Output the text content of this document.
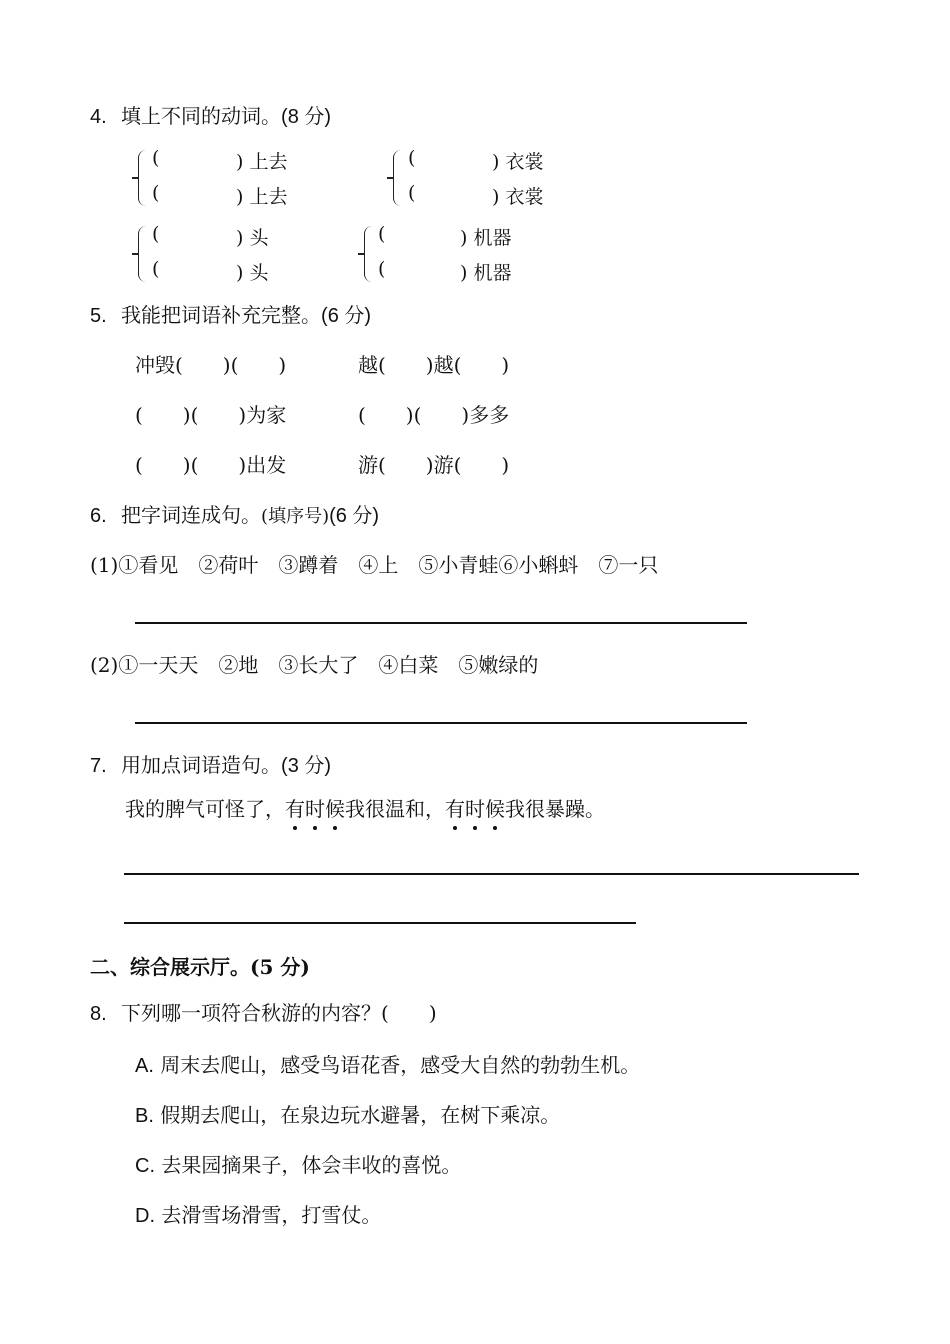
4. 填上不同的动词。(8 分)
(	) 上去
(	) 上去
(	) 衣裳
(	) 衣裳
(	) 头
(	) 头
(	) 机器
(	) 机器
5. 我能把词语补充完整。(6 分)
冲毁(　　)(　　)	越(　　)越(　　)
(　　)(　　)为家	(　　)(　　)多多
(　　)(　　)出发	游(　　)游(　　)
6. 把字词连成句。(填序号)(6 分)
(1)①看见　②荷叶　③蹲着　④上　⑤小青蛙⑥小蝌蚪　⑦一只
(2)①一天天　②地　③长大了　④白菜　⑤嫩绿的
7. 用加点词语造句。(3 分)
我的脾气可怪了，有时候我很温和，有时候我很暴躁。
二、综合展示厅。(5 分)
8. 下列哪一项符合秋游的内容？(　　)
A. 周末去爬山，感受鸟语花香，感受大自然的勃勃生机。
B. 假期去爬山，在泉边玩水避暑，在树下乘凉。
C. 去果园摘果子，体会丰收的喜悦。
D. 去滑雪场滑雪，打雪仗。
